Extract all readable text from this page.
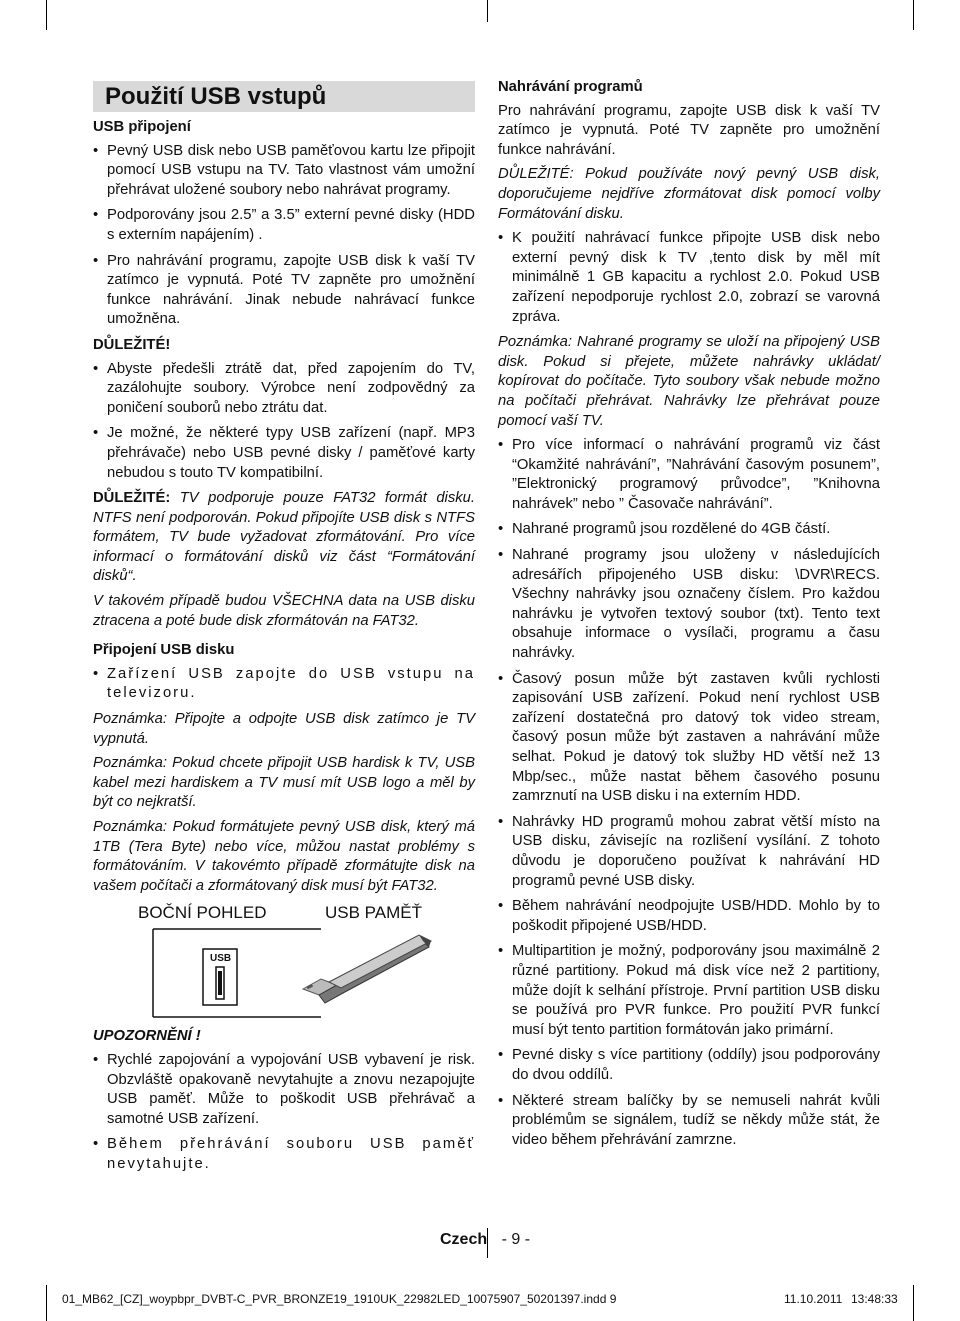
Použití USB vstupů
USB připojení
• Pevný USB disk nebo USB paměťovou kartu lze připojit pomocí USB vstupu na TV. Tato vlastnost vám umožní přehrávat uložené soubory nebo nahrávat programy.
• Podporovány jsou 2.5” a 3.5” externí pevné disky (HDD s externím napájením) .
• Pro nahrávání programu, zapojte USB disk k vaší TV zatímco je vypnutá. Poté TV zapněte pro umožnění funkce nahrávání. Jinak nebude nahrávací funkce umožněna.
DŮLEŽITÉ!
• Abyste předešli ztrátě dat, před zapojením do TV, zazálohujte soubory. Výrobce není zodpovědný za poničení souborů nebo ztrátu dat.
• Je možné, že některé typy USB zařízení (např. MP3 přehrávače) nebo USB pevné disky / paměťové karty nebudou s touto TV kompatibilní.
DŮLEŽITÉ: TV podporuje pouze FAT32 formát disku. NTFS není podporován. Pokud připojíte USB disk s NTFS formátem, TV bude vyžadovat zformátování. Pro více informací o formátování disků viz část “Formátování disků“.
V takovém případě budou VŠECHNA data na USB disku ztracena a poté bude disk zformátován na FAT32.
Připojení USB disku
• Zařízení USB zapojte do USB vstupu na televizoru.
Poznámka: Připojte a odpojte USB disk zatímco je TV vypnutá.
Poznámka: Pokud chcete připojit USB hardisk k TV, USB kabel mezi hardiskem a TV musí mít USB logo a měl by být co nejkratší.
Poznámka: Pokud formátujete pevný USB disk, který má 1TB (Tera Byte) nebo více, můžou nastat problémy s formátováním. V takovémto případě zformátujte disk na vašem počítači a zformátovaný disk musí být FAT32.
BOČNÍ POHLED	USB PAMĚŤ
USB
UPOZORNĚNÍ !
• Rychlé zapojování a vypojování USB vybavení je risk. Obzvláště opakovaně nevytahujte a znovu nezapojujte USB paměť. Může to poškodit USB přehrávač a samotné USB zařízení.
• Během přehrávání souboru USB paměť nevytahujte.
Nahrávání programů
Pro nahrávání programu, zapojte USB disk k vaší TV zatímco je vypnutá. Poté TV zapněte pro umožnění funkce nahrávání.
DŮLEŽITÉ: Pokud používáte nový pevný USB disk, doporučujeme nejdříve zformátovat disk pomocí volby Formátování disku.
• K použití nahrávací funkce připojte USB disk nebo externí pevný disk k TV ,tento disk by měl mít minimálně 1 GB kapacitu a rychlost 2.0. Pokud USB zařízení nepodporuje rychlost 2.0, zobrazí se varovná zpráva.
Poznámka: Nahrané programy se uloží na připojený USB disk. Pokud si přejete, můžete nahrávky ukládat/ kopírovat do počítače. Tyto soubory však nebude možno na počítači přehrávat. Nahrávky lze přehrávat pouze pomocí vaší TV.
• Pro více informací o nahrávání programů viz část “Okamžité nahrávání”, ”Nahrávání časovým posunem”, ”Elektronický programový průvodce”, ”Knihovna nahrávek” nebo ” Časovače nahrávání”.
• Nahrané programů jsou rozdělené do 4GB částí.
• Nahrané programy jsou uloženy v následujících adresářích připojeného USB disku: \DVR\RECS. Všechny nahrávky jsou označeny číslem. Pro každou nahrávku je vytvořen textový soubor (txt). Tento text obsahuje informace o vysílači, programu a času nahrávky.
• Časový posun může být zastaven kvůli rychlosti zapisování USB zařízení. Pokud není rychlost USB zařízení dostatečná pro datový tok video stream, časový posun může být zastaven a nahrávání může selhat. Pokud je datový tok služby HD větší než 13 Mbp/sec., může nastat během časového posunu zamrznutí na USB disku i na externím HDD.
• Nahrávky HD programů mohou zabrat větší místo na USB disku, závisejíc na rozlišení vysílání. Z tohoto důvodu je doporučeno používat k nahrávání HD programů pevné USB disky.
• Během nahrávání neodpojujte USB/HDD. Mohlo by to poškodit připojené USB/HDD.
• Multipartition je možný, podporovány jsou maximálně 2 různé partitiony. Pokud má disk více než 2 partitiony, může dojít k selhání přístroje. První partition USB disku se používá pro PVR funkce. Pro použití PVR funkcí musí být tento partition formátován jako primární.
• Pevné disky s více partitiony (oddíly) jsou podporovány do dvou oddílů.
• Některé stream balíčky by se nemuseli nahrát kvůli problémům se signálem, tudíž se někdy může stát, že video během přehrávání zamrzne.
Czech - 9 -
01_MB62_[CZ]_woypbpr_DVBT-C_PVR_BRONZE19_1910UK_22982LED_10075907_50201397.indd 9	11.10.2011 13:48:33
